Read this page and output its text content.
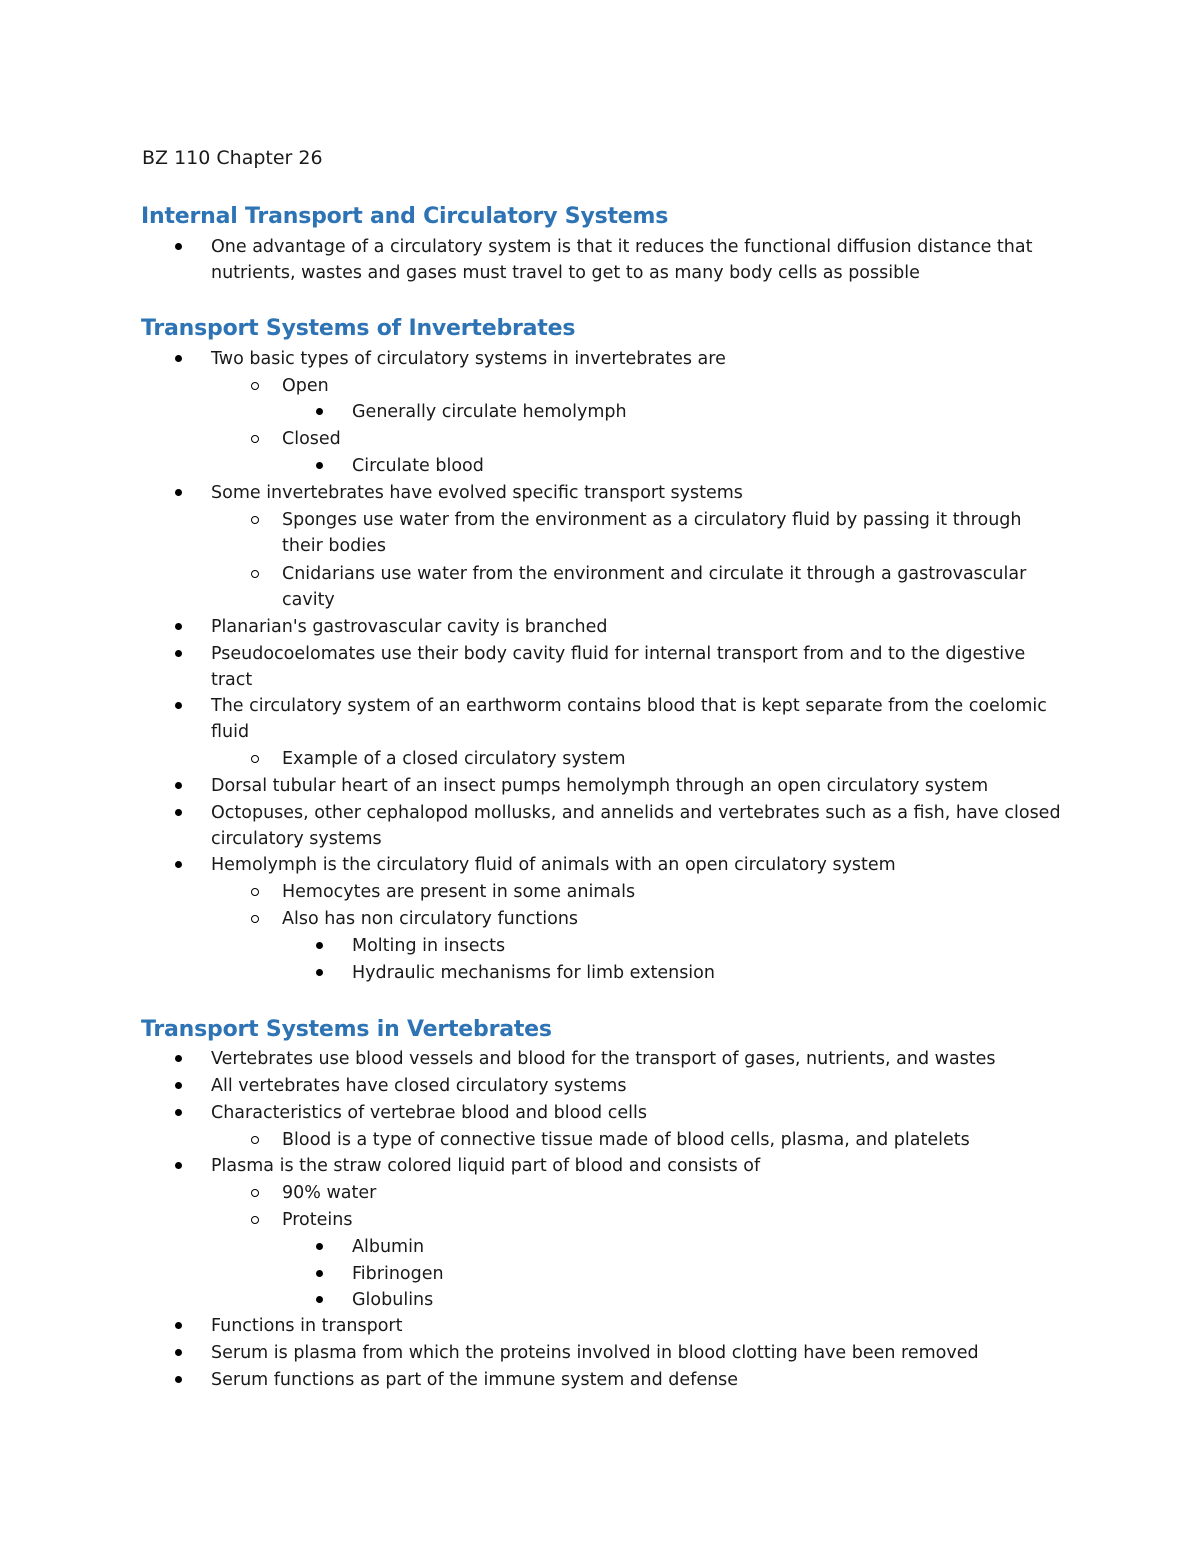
BZ 110 Chapter 26
Internal Transport and Circulatory Systems
One advantage of a circulatory system is that it reduces the functional diffusion distance that
nutrients, wastes and gases must travel to get to as many body cells as possible
Transport Systems of Invertebrates
Two basic types of circulatory systems in invertebrates are
Open
Generally circulate hemolymph
Closed
Circulate blood
Some invertebrates have evolved specific transport systems
Sponges use water from the environment as a circulatory fluid by passing it through
their bodies
Cnidarians use water from the environment and circulate it through a gastrovascular
cavity
Planarian's gastrovascular cavity is branched
Pseudocoelomates use their body cavity fluid for internal transport from and to the digestive
tract
The circulatory system of an earthworm contains blood that is kept separate from the coelomic
fluid
Example of a closed circulatory system
Dorsal tubular heart of an insect pumps hemolymph through an open circulatory system
Octopuses, other cephalopod mollusks, and annelids and vertebrates such as a fish, have closed
circulatory systems
Hemolymph is the circulatory fluid of animals with an open circulatory system
Hemocytes are present in some animals
Also has non circulatory functions
Molting in insects
Hydraulic mechanisms for limb extension
Transport Systems in Vertebrates
Vertebrates use blood vessels and blood for the transport of gases, nutrients, and wastes
All vertebrates have closed circulatory systems
Characteristics of vertebrae blood and blood cells
Blood is a type of connective tissue made of blood cells, plasma, and platelets
Plasma is the straw colored liquid part of blood and consists of
90% water
Proteins
Albumin
Fibrinogen
Globulins
Functions in transport
Serum is plasma from which the proteins involved in blood clotting have been removed
Serum functions as part of the immune system and defense
